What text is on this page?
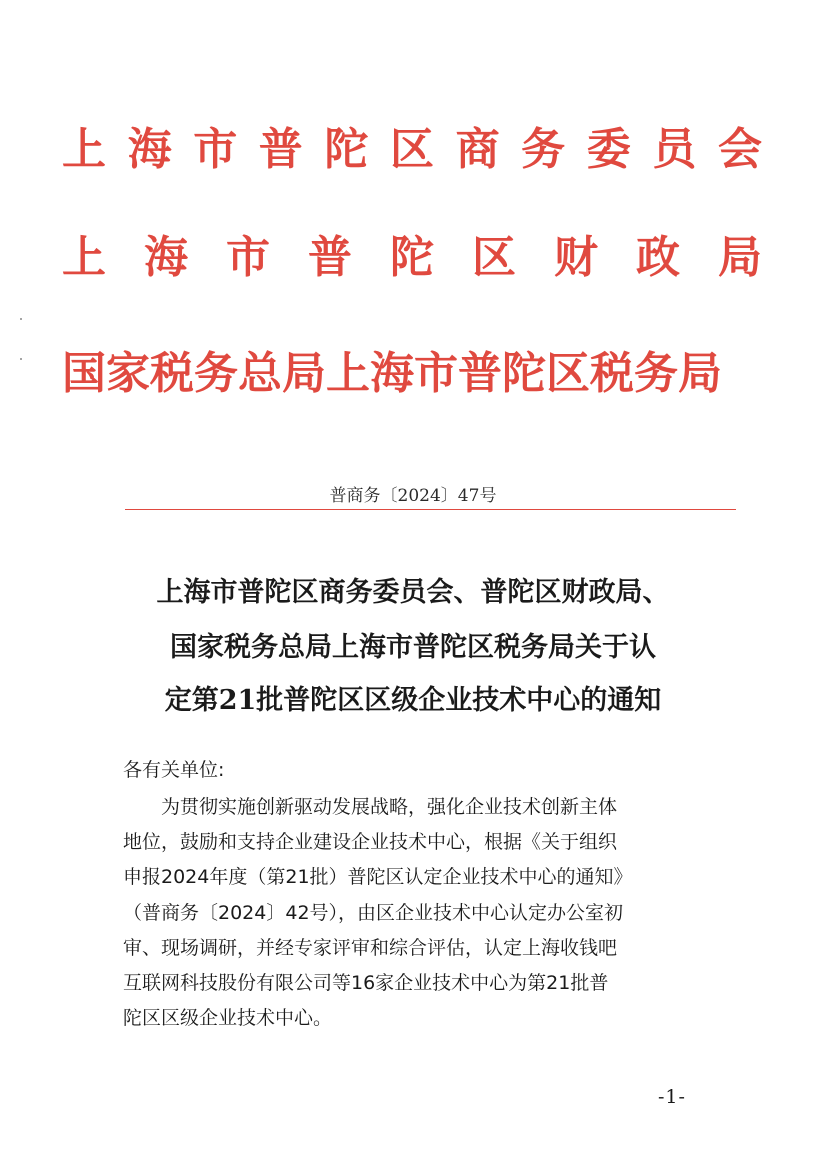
上 海 市 普 陀 区 商 务 委 员 会
上 海 市 普 陀 区 财 政 局
国家税务总局上海市普陀区税务局
普商务〔2024〕47号
上海市普陀区商务委员会、普陀区财政局、
国家税务总局上海市普陀区税务局关于认
定第21批普陀区区级企业技术中心的通知
各有关单位:
　　为贯彻实施创新驱动发展战略，强化企业技术创新主体
地位，鼓励和支持企业建设企业技术中心，根据《关于组织
申报2024年度（第21批）普陀区认定企业技术中心的通知》
（普商务〔2024〕42号），由区企业技术中心认定办公室初
审、现场调研，并经专家评审和综合评估，认定上海收钱吧
互联网科技股份有限公司等16家企业技术中心为第21批普
陀区区级企业技术中心。
-1-
